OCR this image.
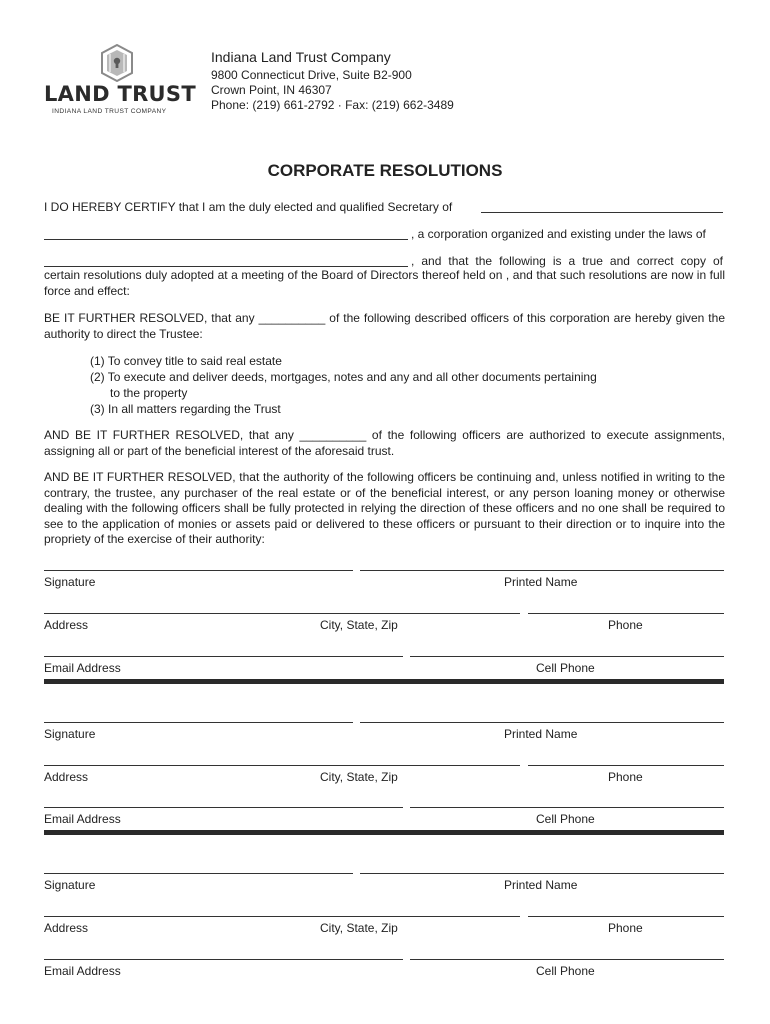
LAND TRUST
INDIANA LAND TRUST COMPANY
Indiana Land Trust Company
9800 Connecticut Drive, Suite B2-900
Crown Point, IN 46307
Phone: (219) 661-2792 · Fax: (219) 662-3489
CORPORATE RESOLUTIONS
I DO HEREBY CERTIFY that I am the duly elected and qualified Secretary of
, a corporation organized and existing under the laws of
, and that the following is a true and correct copy of
certain resolutions duly adopted at a meeting of the Board of Directors thereof held on , and that such resolutions are now in full force and effect:
BE IT FURTHER RESOLVED, that any __________ of the following described officers of this corporation are hereby given the authority to direct the Trustee:
(1) To convey title to said real estate
(2) To execute and deliver deeds, mortgages, notes and any and all other documents pertaining
to the property
(3) In all matters regarding the Trust
AND BE IT FURTHER RESOLVED, that any __________ of the following officers are authorized to execute assignments, assigning all or part of the beneficial interest of the aforesaid trust.
AND BE IT FURTHER RESOLVED, that the authority of the following officers be continuing and, unless notified in writing to the contrary, the trustee, any purchaser of the real estate or of the beneficial interest, or any person loaning money or otherwise dealing with the following officers shall be fully protected in relying the direction of these officers and no one shall be required to see to the application of monies or assets paid or delivered to these officers or pursuant to their direction or to inquire into the propriety of the exercise of their authority:
Signature	Printed Name
Address	City, State, Zip	Phone
Email Address	Cell Phone
Signature	Printed Name
Address	City, State, Zip	Phone
Email Address	Cell Phone
Signature	Printed Name
Address	City, State, Zip	Phone
Email Address	Cell Phone
